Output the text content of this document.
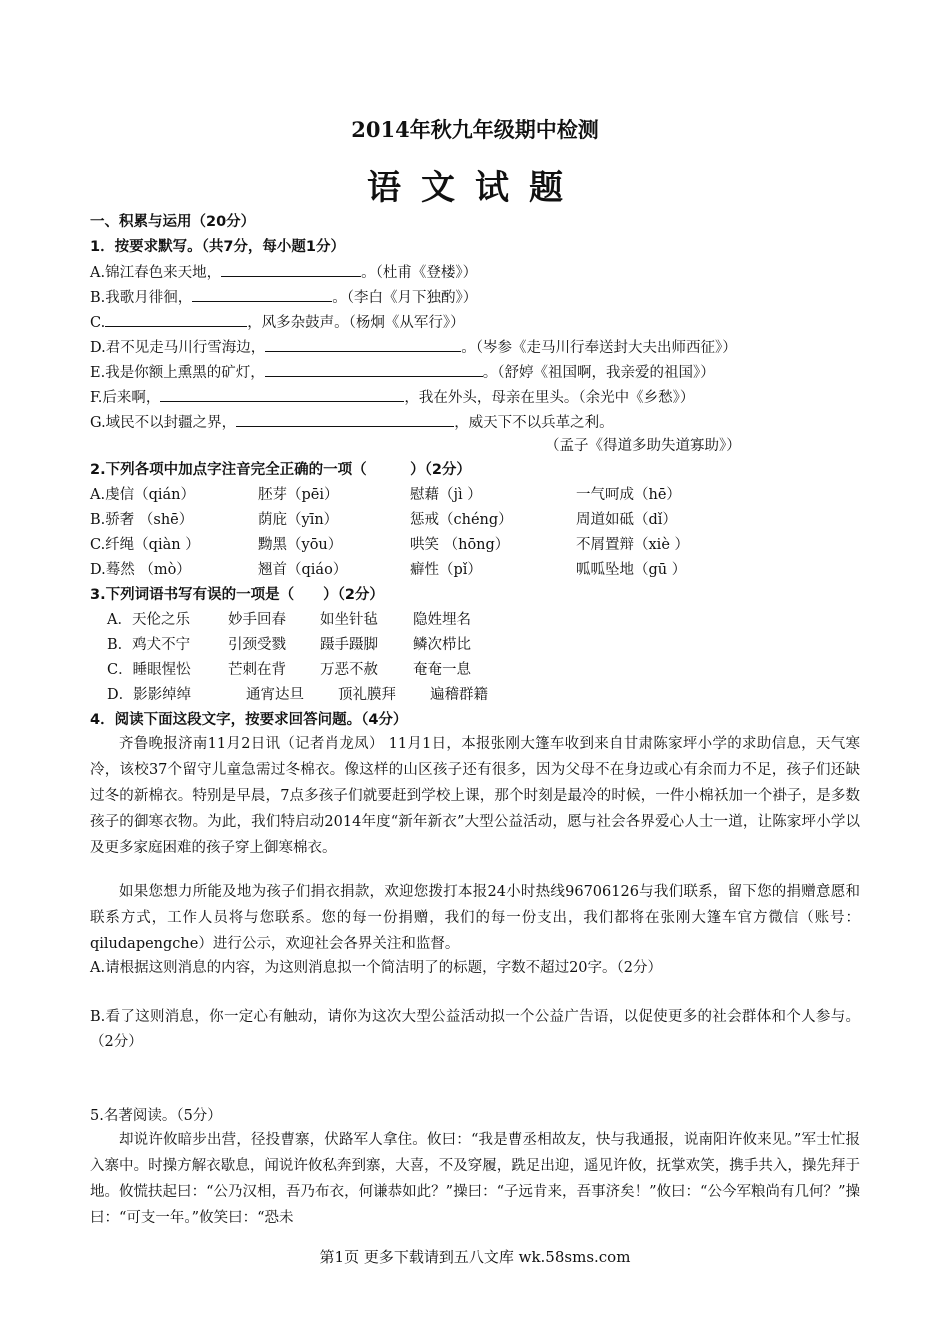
2014年秋九年级期中检测
语文试题
一、积累与运用（20分）
1．按要求默写。（共7分，每小题1分）
A.锦江春色来天地，	。（杜甫《登楼》）
B.我歌月徘徊，	。（李白《月下独酌》）
C.	，风多杂鼓声。（杨炯《从军行》）
D.君不见走马川行雪海边，	。（岑参《走马川行奉送封大夫出师西征》）
E.我是你额上熏黑的矿灯，	。（舒婷《祖国啊，我亲爱的祖国》）
F.后来啊，	，我在外头，母亲在里头。（余光中《乡愁》）
G.域民不以封疆之界，	，威天下不以兵革之利。
（孟子《得道多助失道寡助》）
2.下列各项中加点字注音完全正确的一项（　　　）（2分）
A.虔信（qián）	胚芽（pēi）	慰藉（jì ）	一气呵成（hē）
B.骄奢 （shē）	荫庇（yīn）	惩戒（chéng）	周道如砥（dǐ）
C.纤绳（qiàn ）	黝黑（yōu）	哄笑 （hōng）	不屑置辩（xiè ）
D.蓦然 （mò）	翘首（qiáo）	癖性（pǐ）	呱呱坠地（gū ）
3.下列词语书写有误的一项是（　　）（2分）
A．天伦之乐	妙手回春 如坐针毡 隐姓埋名
B．鸡犬不宁	引颈受戮 蹑手蹑脚 鳞次栉比
C．睡眼惺忪	芒刺在背 万恶不赦 奄奄一息
D．影影绰绰	通宵达旦 顶礼膜拜 遍稽群籍
4．阅读下面这段文字，按要求回答问题。（4分）
齐鲁晚报济南11月2日讯（记者肖龙凤） 11月1日，本报张刚大篷车收到来自甘肃陈家坪小学的求助信息，天气寒冷，该校37个留守儿童急需过冬棉衣。像这样的山区孩子还有很多，因为父母不在身边或心有余而力不足，孩子们还缺过冬的新棉衣。特别是早晨，7点多孩子们就要赶到学校上课，那个时刻是最冷的时候，一件小棉袄加一个褂子，是多数孩子的御寒衣物。为此，我们特启动2014年度“新年新衣”大型公益活动，愿与社会各界爱心人士一道，让陈家坪小学以及更多家庭困难的孩子穿上御寒棉衣。
如果您想力所能及地为孩子们捐衣捐款，欢迎您拨打本报24小时热线96706126与我们联系，留下您的捐赠意愿和联系方式，工作人员将与您联系。您的每一份捐赠，我们的每一份支出，我们都将在张刚大篷车官方微信（账号：qiludapengche）进行公示，欢迎社会各界关注和监督。
A.请根据这则消息的内容，为这则消息拟一个简洁明了的标题，字数不超过20字。（2分）
B.看了这则消息，你一定心有触动，请你为这次大型公益活动拟一个公益广告语，以促使更多的社会群体和个人参与。（2分）
5.名著阅读。（5分）
却说许攸暗步出营，径投曹寨，伏路军人拿住。攸曰：“我是曹丞相故友，快与我通报，说南阳许攸来见。”军士忙报入寨中。时操方解衣歇息，闻说许攸私奔到寨，大喜，不及穿履，跣足出迎，遥见许攸，抚掌欢笑，携手共入，操先拜于地。攸慌扶起曰：“公乃汉相，吾乃布衣，何谦恭如此？”操曰：“子远肯来，吾事济矣！”攸曰：“公今军粮尚有几何？”操曰：“可支一年。”攸笑曰：“恐未
第1页 更多下载请到五八文库 wk.58sms.com
